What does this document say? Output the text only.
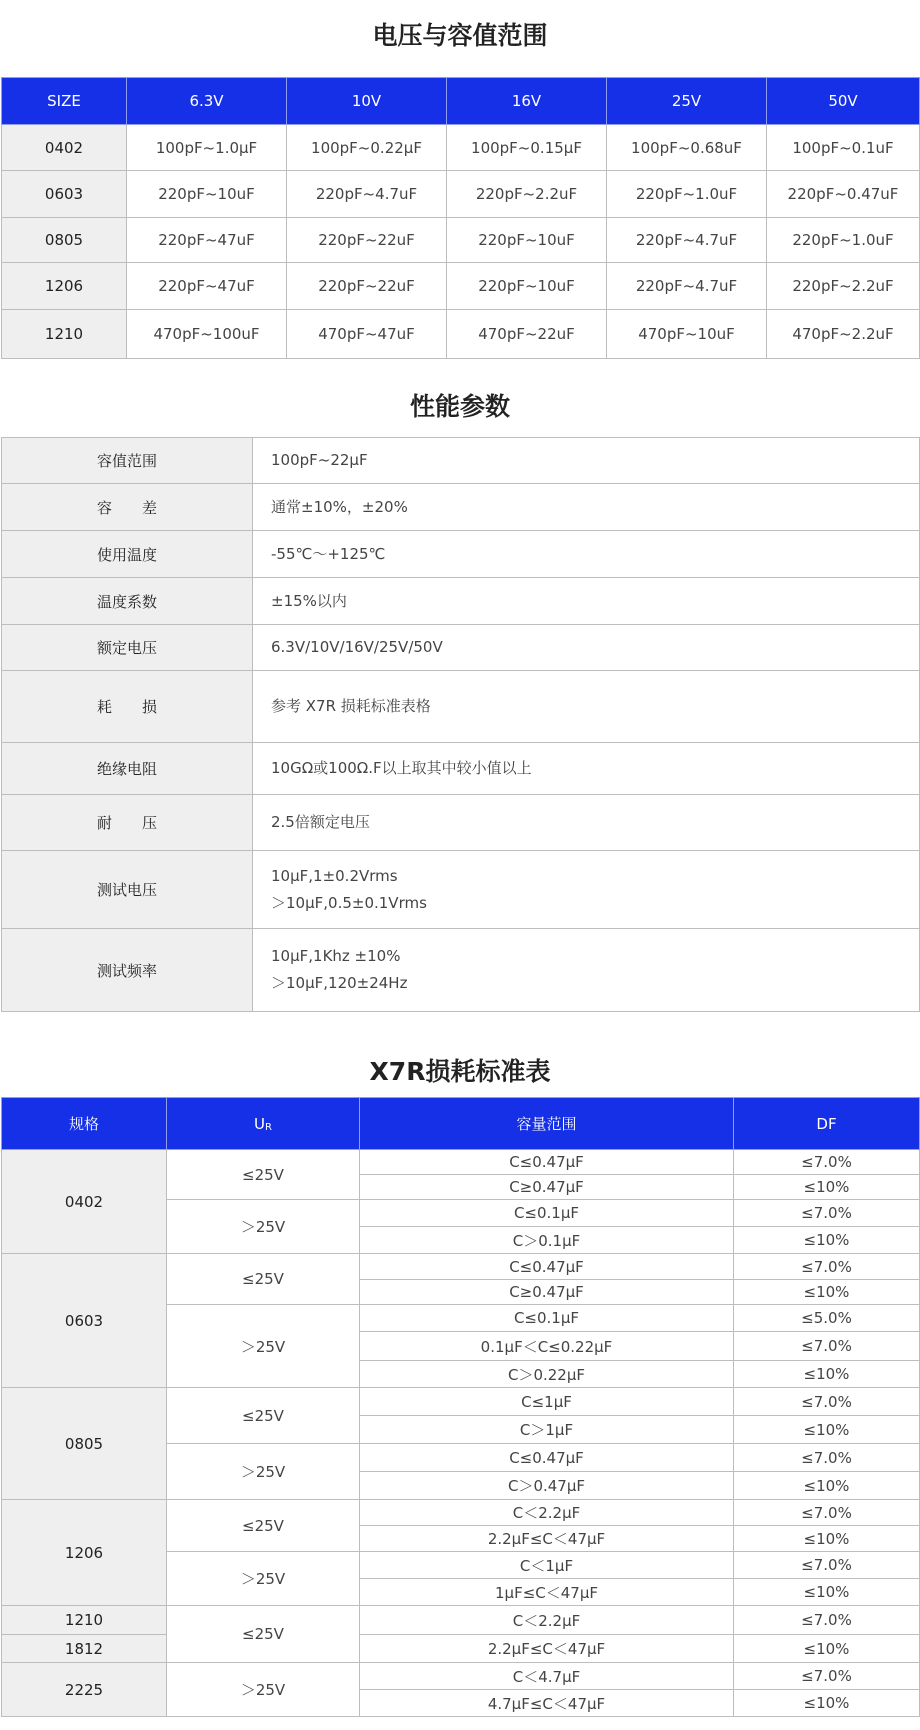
电压与容值范围
SIZE	6.3V	10V	16V	25V	50V
0402	100pF~1.0μF	100pF~0.22μF	100pF~0.15μF	100pF~0.68uF	100pF~0.1uF
0603	220pF~10uF	220pF~4.7uF	220pF~2.2uF	220pF~1.0uF	220pF~0.47uF
0805	220pF~47uF	220pF~22uF	220pF~10uF	220pF~4.7uF	220pF~1.0uF
1206	220pF~47uF	220pF~22uF	220pF~10uF	220pF~4.7uF	220pF~2.2uF
1210	470pF~100uF	470pF~47uF	470pF~22uF	470pF~10uF	470pF~2.2uF
性能参数
容值范围	100pF~22μF
容　　差	通常±10%，±20%
使用温度	-55℃～+125℃
温度系数	±15%以内
额定电压	6.3V/10V/16V/25V/50V
耗　　损	参考 X7R 损耗标准表格
绝缘电阻	10GΩ或100Ω.F以上取其中较小值以上
耐　　压	2.5倍额定电压
测试电压	10μF,1±0.2Vrms
＞10μF,0.5±0.1Vrms

测试频率	10μF,1Khz ±10%
＞10μF,120±24Hz
X7R损耗标准表
规格	$U_R$	容量范围	DF
0402	≤25V	C≤0.47μF	≤7.0%
		C≥0.47μF	≤10%
	＞25V	C≤0.1μF	≤7.0%
		C＞0.1μF	≤10%
0603	≤25V	C≤0.47μF	≤7.0%
		C≥0.47μF	≤10%
	＞25V	C≤0.1μF	≤5.0%
		0.1μF＜C≤0.22μF	≤7.0%
		C＞0.22μF	≤10%
0805	≤25V	C≤1μF	≤7.0%
		C＞1μF	≤10%
	＞25V	C≤0.47μF	≤7.0%
		C＞0.47μF	≤10%
1206	≤25V	C＜2.2μF	≤7.0%
		2.2μF≤C＜47μF	≤10%
	＞25V	C＜1μF	≤7.0%
		1μF≤C＜47μF	≤10%
1210	≤25V	C＜2.2μF	≤7.0%
1812		2.2μF≤C＜47μF	≤10%
2225	＞25V	C＜4.7μF	≤7.0%
		4.7μF≤C＜47μF	≤10%
